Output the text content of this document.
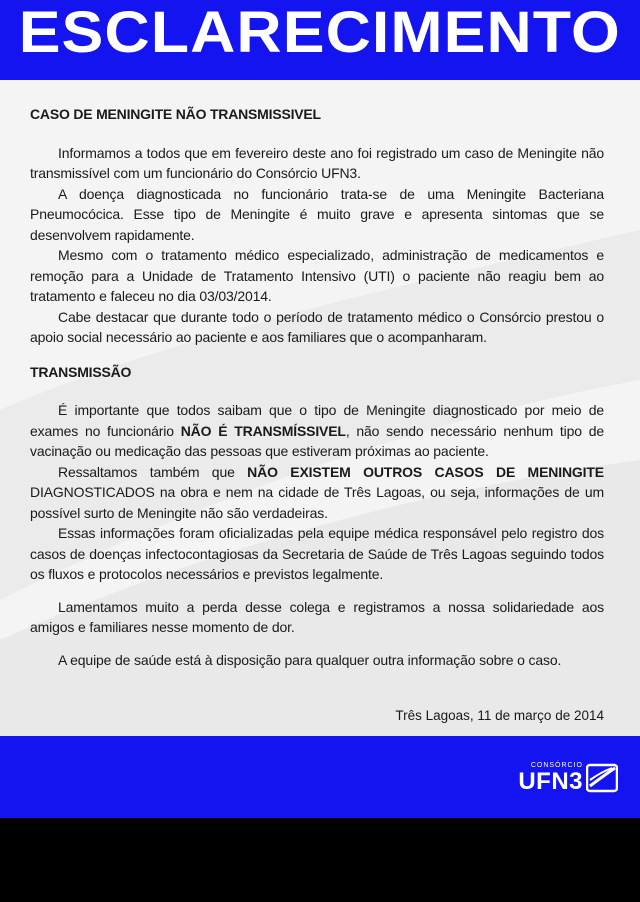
ESCLARECIMENTO

CASO DE MENINGITE NÃO TRANSMISSIVEL

Informamos a todos que em fevereiro deste ano foi registrado um caso de Meningite não transmissível com um funcionário do Consórcio UFN3.

A doença diagnosticada no funcionário trata-se de uma Meningite Bacteriana Pneumocócica. Esse tipo de Meningite é muito grave e apresenta sintomas que se desenvolvem rapidamente.

Mesmo com o tratamento médico especializado, administração de medicamentos e remoção para a Unidade de Tratamento Intensivo (UTI) o paciente não reagiu bem ao tratamento e faleceu no dia 03/03/2014.

Cabe destacar que durante todo o período de tratamento médico o Consórcio prestou o apoio social necessário ao paciente e aos familiares que o acompanharam.

TRANSMISSÃO

É importante que todos saibam que o tipo de Meningite diagnosticado por meio de exames no funcionário NÃO É TRANSMÍSSIVEL, não sendo necessário nenhum tipo de vacinação ou medicação das pessoas que estiveram próximas ao paciente.

Ressaltamos também que NÃO EXISTEM OUTROS CASOS DE MENINGITE DIAGNOSTICADOS na obra e nem na cidade de Três Lagoas, ou seja, informações de um possível surto de Meningite não são verdadeiras.

Essas informações foram oficializadas pela equipe médica responsável pelo registro dos casos de doenças infectocontagiosas da Secretaria de Saúde de Três Lagoas seguindo todos os fluxos e protocolos necessários e previstos legalmente.

Lamentamos muito a perda desse colega e registramos a nossa solidariedade aos amigos e familiares nesse momento de dor.

A equipe de saúde está à disposição para qualquer outra informação sobre o caso.

Três Lagoas, 11 de março de 2014
CONSÓRCIO
UFN3
